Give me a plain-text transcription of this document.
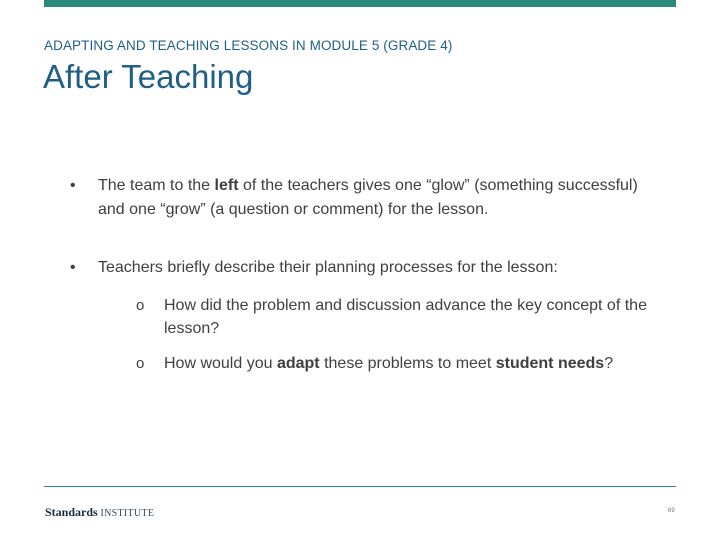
ADAPTING AND TEACHING LESSONS IN MODULE 5 (GRADE 4)
After Teaching
• The team to the left of the teachers gives one “glow” (something successful) and one “grow” (a question or comment) for the lesson.
• Teachers briefly describe their planning processes for the lesson:
o How did the problem and discussion advance the key concept of the lesson?
o How would you adapt these problems to meet student needs?
Standards INSTITUTE	69
